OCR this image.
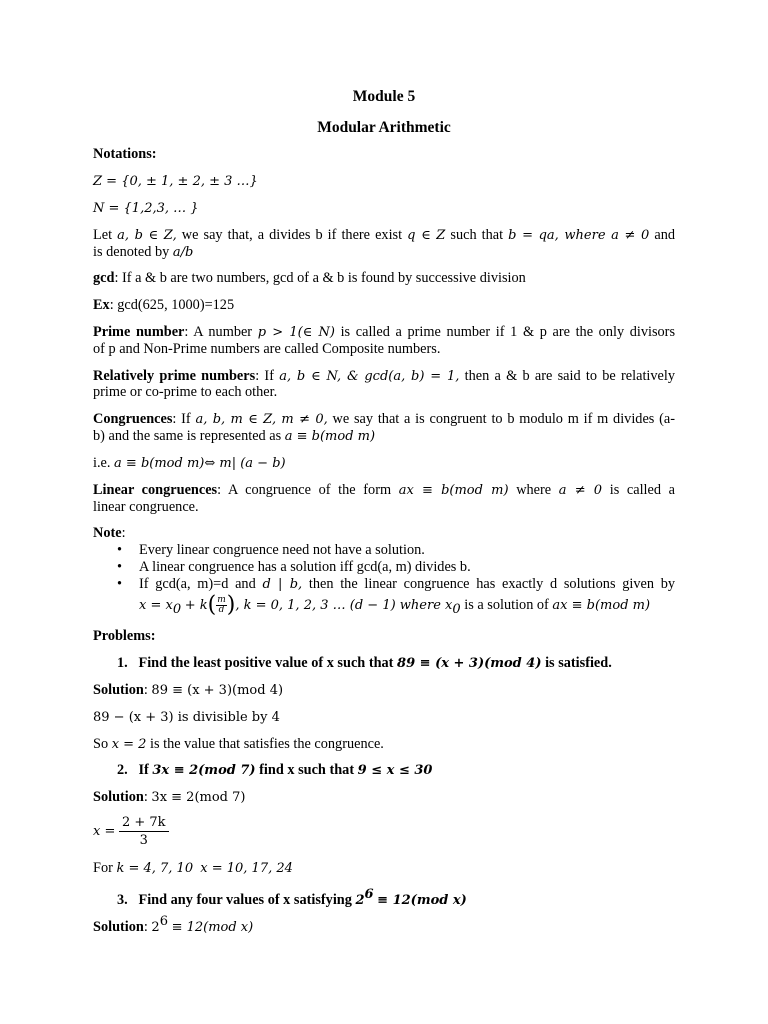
Module 5
Modular Arithmetic
Notations:
Z = {0, ± 1, ± 2, ± 3 …}
N = {1,2,3, … }
Let a, b ∈ Z, we say that, a divides b if there exist q ∈ Z such that b = qa, where a ≠ 0 and
is denoted by a/b
gcd: If a & b are two numbers, gcd of a & b is found by successive division
Ex: gcd(625, 1000)=125
Prime number: A number p > 1(∈ N) is called a prime number if 1 & p are the only divisors
of p and Non-Prime numbers are called Composite numbers.
Relatively prime numbers: If a, b ∈ N, & gcd(a, b) = 1, then a & b are said to be relatively
prime or co-prime to each other.
Congruences: If a, b, m ∈ Z, m ≠ 0, we say that a is congruent to b modulo m if m divides (a-
b) and the same is represented as a ≡ b(mod m)
i.e. a ≡ b(mod m)⇔ m| (a − b)
Linear congruences: A congruence of the form ax ≡ b(mod m) where a ≠ 0 is called a
linear congruence.
Note:
•	Every linear congruence need not have a solution.
•	A linear congruence has a solution iff gcd(a, m) divides b.
•	If gcd(a, m)=d and d | b, then the linear congruence has exactly d solutions given by
$x = x_0 + k( \frac{m}{d}$ ), k = 0, 1, 2, 3 … (d − 1) where $x_0$ is a solution of ax ≡ b(mod m)
Problems:
1. Find the least positive value of x such that 89 ≡ (x + 3)(mod 4) is satisfied.
Solution: 89 ≡ (x + 3)(mod 4)
89 − (x + 3) is divisible by 4
So x = 2 is the value that satisfies the congruence.
2. If 3x ≡ 2(mod 7) find x such that 9 ≤ x ≤ 30
Solution: 3x ≡ 2(mod 7)
$x = \frac{2 + 7k}{3}$
For k = 4, 7, 10 x = 10, 17, 24
3. Find any four values of x satisfying $2^6 \equiv 12(mod$ x)
Solution: $2^6 \equiv 12(mod$ x)
